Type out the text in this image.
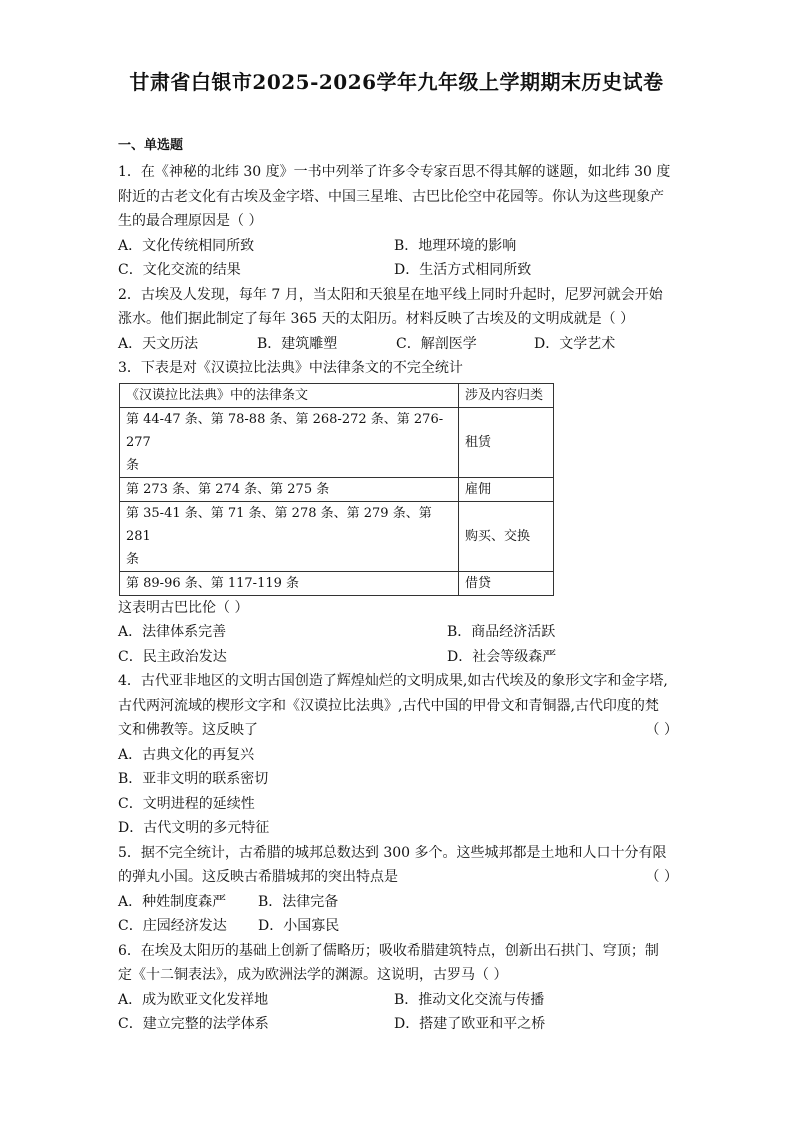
甘肃省白银市2025-2026学年九年级上学期期末历史试卷
一、单选题
1．在《神秘的北纬 30 度》一书中列举了许多令专家百思不得其解的谜题，如北纬 30 度
附近的古老文化有古埃及金字塔、中国三星堆、古巴比伦空中花园等。你认为这些现象产
生的最合理原因是（ ）
A．文化传统相同所致	B．地理环境的影响
C．文化交流的结果	D．生活方式相同所致
2．古埃及人发现，每年 7 月，当太阳和天狼星在地平线上同时升起时，尼罗河就会开始
涨水。他们据此制定了每年 365 天的太阳历。材料反映了古埃及的文明成就是（ ）
A．天文历法	B．建筑雕塑	C．解剖医学	D．文学艺术
3．下表是对《汉谟拉比法典》中法律条文的不完全统计
《汉谟拉比法典》中的法律条文	涉及内容归类

第 44-47 条、第 78-88 条、第 268-272 条、第 276-277
条	租赁

第 273 条、第 274 条、第 275 条	雇佣

第 35-41 条、第 71 条、第 278 条、第 279 条、第 281
条	购买、交换

第 89-96 条、第 117-119 条	借贷
这表明古巴比伦（ ）
A．法律体系完善	B．商品经济活跃
C．民主政治发达	D．社会等级森严
4．古代亚非地区的文明古国创造了辉煌灿烂的文明成果,如古代埃及的象形文字和金字塔,
古代两河流域的楔形文字和《汉谟拉比法典》,古代中国的甲骨文和青铜器,古代印度的梵
文和佛教等。这反映了	（ ）
A．古典文化的再复兴
B．亚非文明的联系密切
C．文明进程的延续性
D．古代文明的多元特征
5．据不完全统计，古希腊的城邦总数达到 300 多个。这些城邦都是土地和人口十分有限
的弹丸小国。这反映古希腊城邦的突出特点是	（ ）
A．种姓制度森严 B．法律完备
C．庄园经济发达 D．小国寡民
6．在埃及太阳历的基础上创新了儒略历；吸收希腊建筑特点，创新出石拱门、穹顶；制
定《十二铜表法》，成为欧洲法学的渊源。这说明，古罗马（ ）
A．成为欧亚文化发祥地	B．推动文化交流与传播
C．建立完整的法学体系	D．搭建了欧亚和平之桥
